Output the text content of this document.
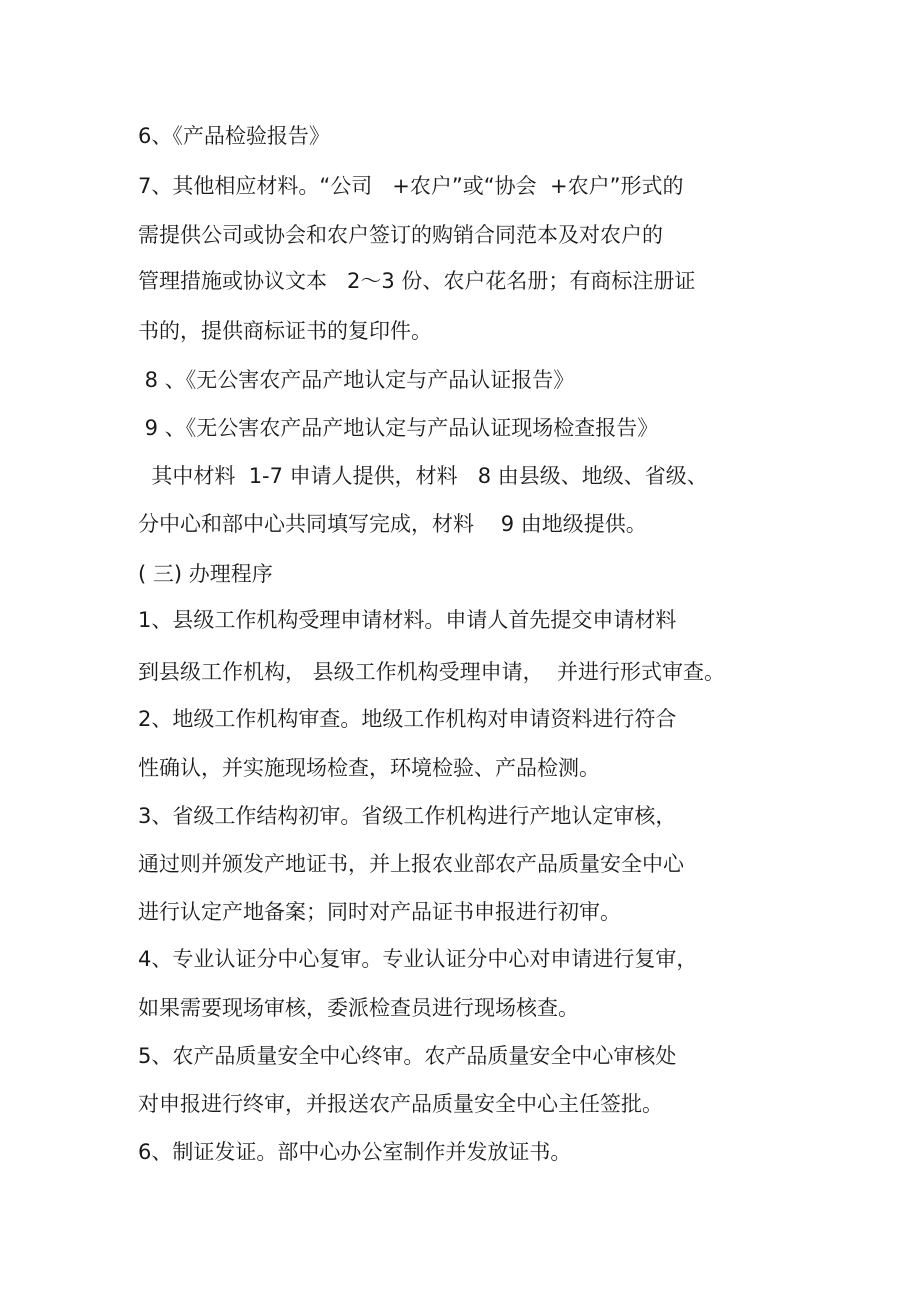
6、《产品检验报告》
7、其他相应材料。“公司   +农户”或“协会  +农户”形式的
需提供公司或协会和农户签订的购销合同范本及对农户的
管理措施或协议文本   2～3 份、农户花名册；有商标注册证
书的，提供商标证书的复印件。
8 、《无公害农产品产地认定与产品认证报告》
9 、《无公害农产品产地认定与产品认证现场检查报告》
其中材料  1-7 申请人提供，材料   8 由县级、地级、省级、
分中心和部中心共同填写完成，材料    9 由地级提供。
( 三) 办理程序
1、县级工作机构受理申请材料。申请人首先提交申请材料
到县级工作机构， 县级工作机构受理申请，  并进行形式审查。
2、地级工作机构审查。地级工作机构对申请资料进行符合
性确认，并实施现场检查，环境检验、产品检测。
3、省级工作结构初审。省级工作机构进行产地认定审核，
通过则并颁发产地证书，并上报农业部农产品质量安全中心
进行认定产地备案；同时对产品证书申报进行初审。
4、专业认证分中心复审。专业认证分中心对申请进行复审，
如果需要现场审核，委派检查员进行现场核查。
5、农产品质量安全中心终审。农产品质量安全中心审核处
对申报进行终审，并报送农产品质量安全中心主任签批。
6、制证发证。部中心办公室制作并发放证书。
